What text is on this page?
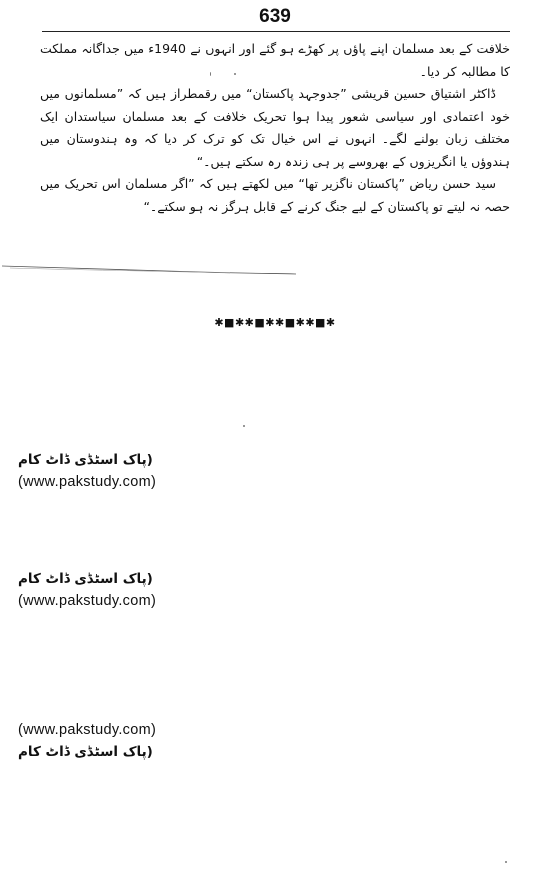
639

خلافت کے بعد مسلمان اپنے پاؤں پر کھڑے ہو گئے اور انہوں نے 1940ء میں جداگانہ مملکت کا مطالبہ کر دیا۔

ڈاکٹر اشتیاق حسین قریشی ”جدوجہد پاکستان“ میں رقمطراز ہیں کہ ”مسلمانوں میں خود اعتمادی اور سیاسی شعور پیدا ہوا تحریک خلافت کے بعد مسلمان سیاستدان ایک مختلف زبان بولنے لگے۔ انہوں نے اس خیال تک کو ترک کر دیا کہ وہ ہندوستان میں ہندوؤں یا انگریزوں کے بھروسے پر ہی زندہ رہ سکتے ہیں۔“

سید حسن ریاض ”پاکستان ناگزیر تھا“ میں لکھتے ہیں کہ ”اگر مسلمان اس تحریک میں حصہ نہ لیتے تو پاکستان کے لیے جنگ کرنے کے قابل ہرگز نہ ہو سکتے۔“

✱■✱✱■✱✱■✱✱■✱
(پاک اسٹڈی ڈاٹ کام
(www.pakstudy.com)
(پاک اسٹڈی ڈاٹ کام
(www.pakstudy.com)
(www.pakstudy.com)
(پاک اسٹڈی ڈاٹ کام
